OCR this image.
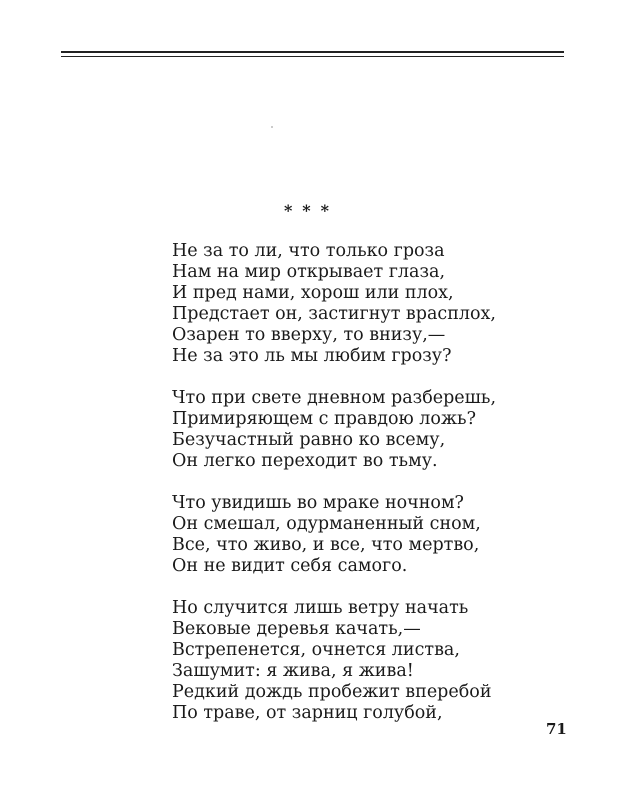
***
Не за то ли, что только гроза
Нам на мир открывает глаза,
И пред нами, хорош или плох,
Предстает он, застигнут врасплох,
Озарен то вверху, то внизу,—
Не за это ль мы любим грозу?
Что при свете дневном разберешь,
Примиряющем с правдою ложь?
Безучастный равно ко всему,
Он легко переходит во тьму.
Что увидишь во мраке ночном?
Он смешал, одурманенный сном,
Все, что живо, и все, что мертво,
Он не видит себя самого.
Но случится лишь ветру начать
Вековые деревья качать,—
Встрепенется, очнется листва,
Зашумит: я жива, я жива!
Редкий дождь пробежит вперебой
По траве, от зарниц голубой,
71
